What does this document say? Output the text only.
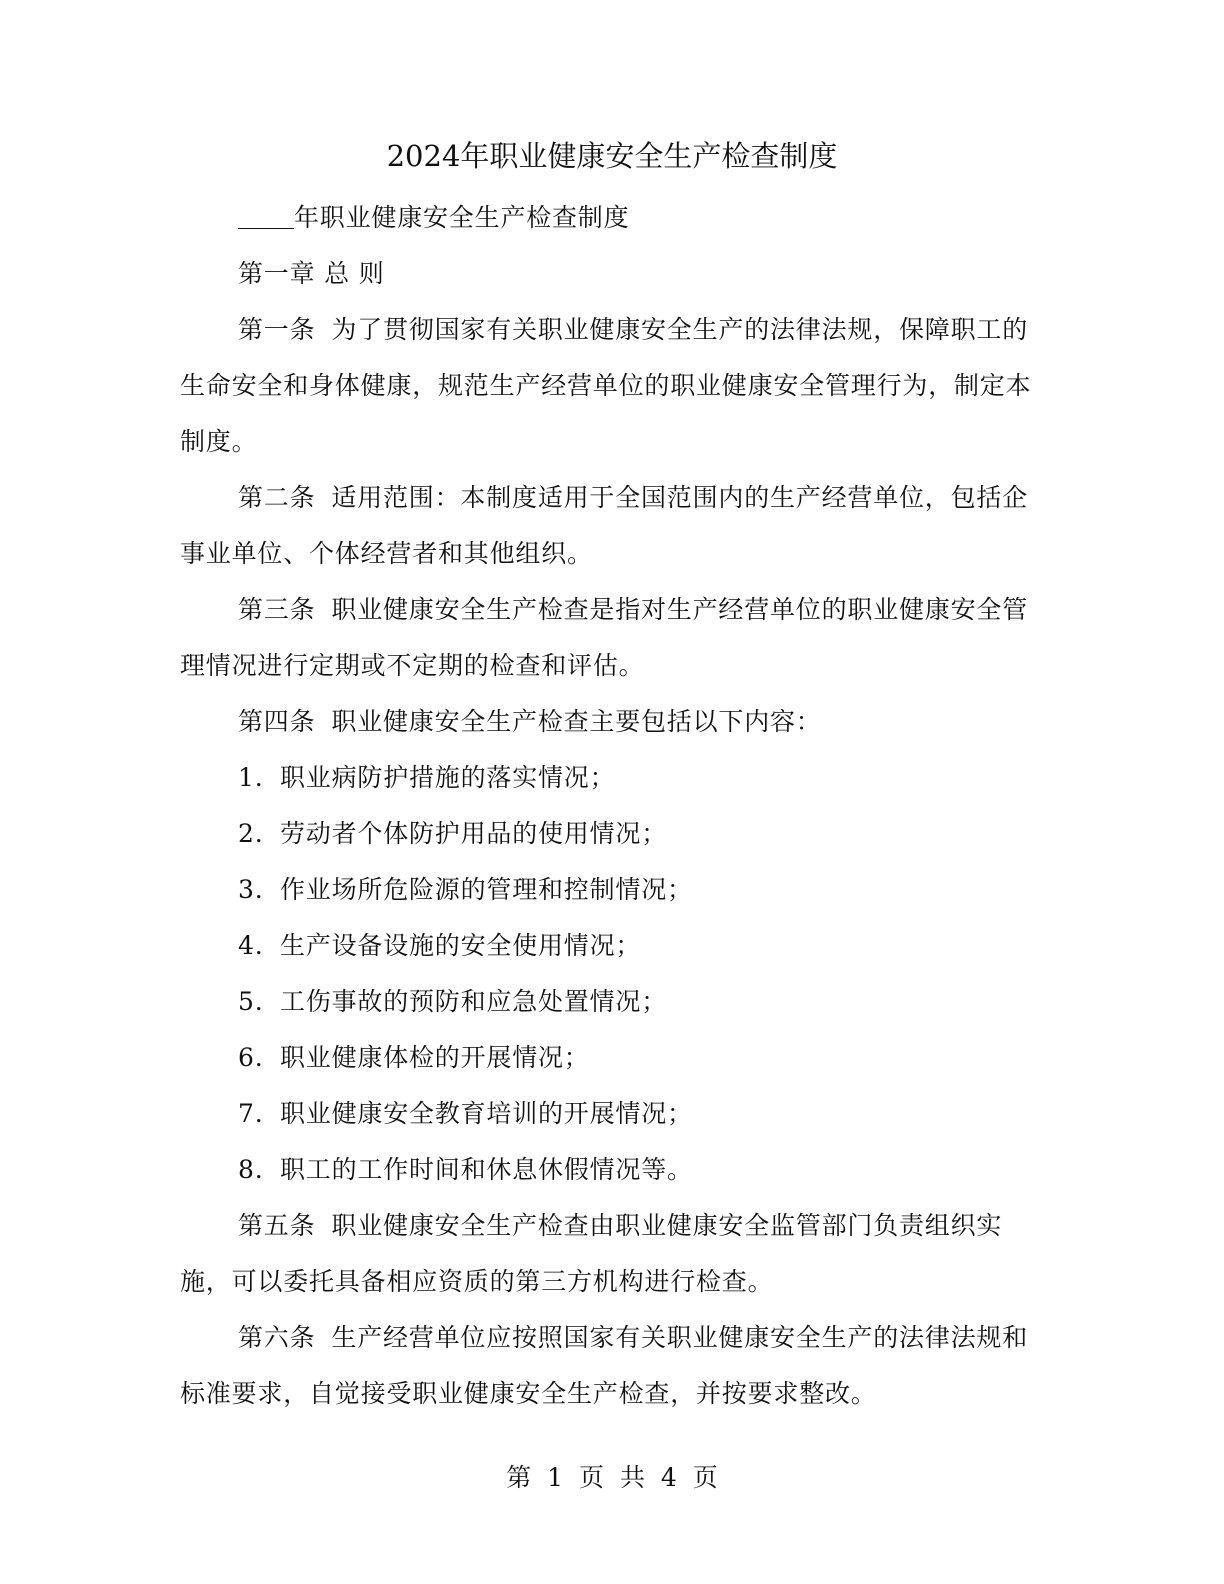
2024年职业健康安全生产检查制度

年职业健康安全生产检查制度

第一章 总 则

第一条 为了贯彻国家有关职业健康安全生产的法律法规，保障职工的生命安全和身体健康，规范生产经营单位的职业健康安全管理行为，制定本制度。

第二条 适用范围：本制度适用于全国范围内的生产经营单位，包括企事业单位、个体经营者和其他组织。

第三条 职业健康安全生产检查是指对生产经营单位的职业健康安全管理情况进行定期或不定期的检查和评估。

第四条 职业健康安全生产检查主要包括以下内容：

1. 职业病防护措施的落实情况；

2. 劳动者个体防护用品的使用情况；

3. 作业场所危险源的管理和控制情况；

4. 生产设备设施的安全使用情况；

5. 工伤事故的预防和应急处置情况；

6. 职业健康体检的开展情况；

7. 职业健康安全教育培训的开展情况；

8. 职工的工作时间和休息休假情况等。

第五条 职业健康安全生产检查由职业健康安全监管部门负责组织实施，可以委托具备相应资质的第三方机构进行检查。

第六条 生产经营单位应按照国家有关职业健康安全生产的法律法规和标准要求，自觉接受职业健康安全生产检查，并按要求整改。

第 1 页 共 4 页
